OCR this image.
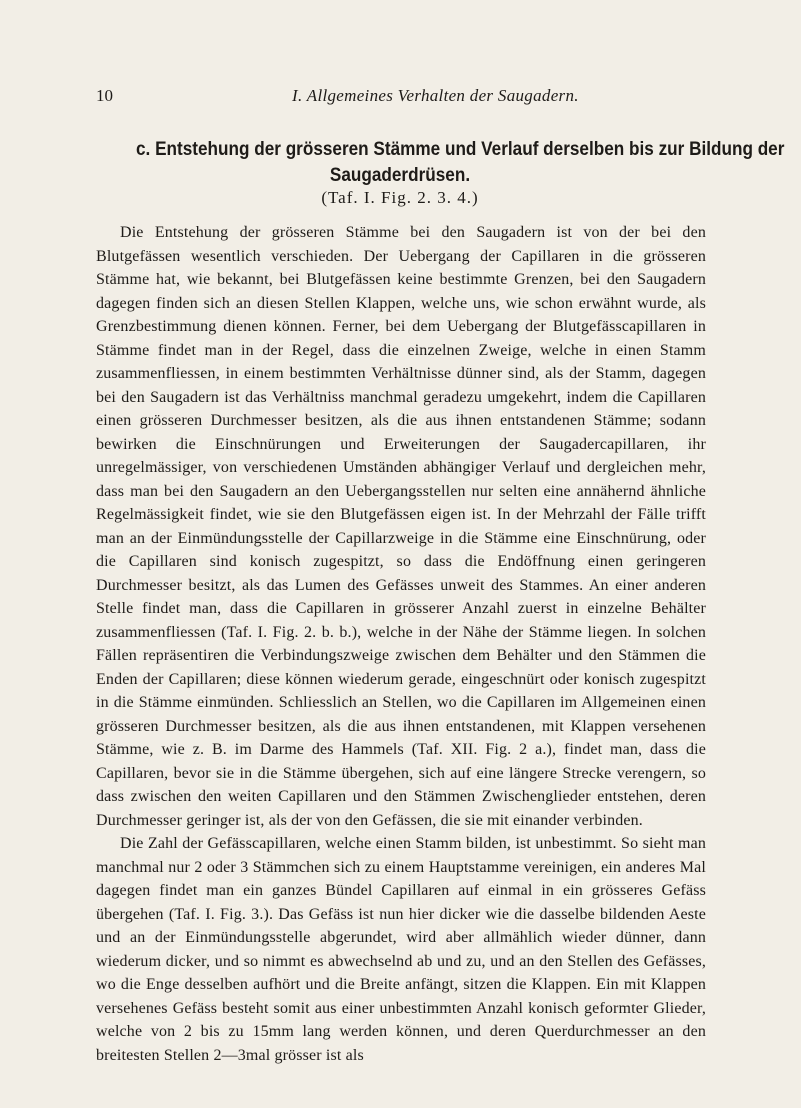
10	I. Allgemeines Verhalten der Saugadern.
c. Entstehung der grösseren Stämme und Verlauf derselben bis zur Bildung der
Saugaderdrüsen.
(Taf. I. Fig. 2. 3. 4.)

Die Entstehung der grösseren Stämme bei den Saugadern ist von der bei den Blutgefässen wesentlich verschieden. Der Uebergang der Capillaren in die grösseren Stämme hat, wie bekannt, bei Blutgefässen keine bestimmte Grenzen, bei den Saugadern dagegen finden sich an diesen Stellen Klappen, welche uns, wie schon erwähnt wurde, als Grenzbestimmung dienen können. Ferner, bei dem Uebergang der Blutgefässcapillaren in Stämme findet man in der Regel, dass die einzelnen Zweige, welche in einen Stamm zusammenfliessen, in einem bestimmten Verhältnisse dünner sind, als der Stamm, dagegen bei den Saugadern ist das Verhältniss manchmal geradezu umgekehrt, indem die Capillaren einen grösseren Durchmesser besitzen, als die aus ihnen entstandenen Stämme; sodann bewirken die Einschnürungen und Erweiterungen der Saugadercapillaren, ihr unregelmässiger, von verschiedenen Umständen abhängiger Verlauf und dergleichen mehr, dass man bei den Saugadern an den Uebergangsstellen nur selten eine annähernd ähnliche Regelmässigkeit findet, wie sie den Blutgefässen eigen ist. In der Mehrzahl der Fälle trifft man an der Einmündungsstelle der Capillarzweige in die Stämme eine Einschnürung, oder die Capillaren sind konisch zugespitzt, so dass die Endöffnung einen geringeren Durchmesser besitzt, als das Lumen des Gefässes unweit des Stammes. An einer anderen Stelle findet man, dass die Capillaren in grösserer Anzahl zuerst in einzelne Behälter zusammenfliessen (Taf. I. Fig. 2. b. b.), welche in der Nähe der Stämme liegen. In solchen Fällen repräsentiren die Verbindungszweige zwischen dem Behälter und den Stämmen die Enden der Capillaren; diese können wiederum gerade, eingeschnürt oder konisch zugespitzt in die Stämme einmünden. Schliesslich an Stellen, wo die Capillaren im Allgemeinen einen grösseren Durchmesser besitzen, als die aus ihnen entstandenen, mit Klappen versehenen Stämme, wie z. B. im Darme des Hammels (Taf. XII. Fig. 2 a.), findet man, dass die Capillaren, bevor sie in die Stämme übergehen, sich auf eine längere Strecke verengern, so dass zwischen den weiten Capillaren und den Stämmen Zwischenglieder entstehen, deren Durchmesser geringer ist, als der von den Gefässen, die sie mit einander verbinden.

Die Zahl der Gefässcapillaren, welche einen Stamm bilden, ist unbestimmt. So sieht man manchmal nur 2 oder 3 Stämmchen sich zu einem Hauptstamme vereinigen, ein anderes Mal dagegen findet man ein ganzes Bündel Capillaren auf einmal in ein grösseres Gefäss übergehen (Taf. I. Fig. 3.). Das Gefäss ist nun hier dicker wie die dasselbe bildenden Aeste und an der Einmündungsstelle abgerundet, wird aber allmählich wieder dünner, dann wiederum dicker, und so nimmt es abwechselnd ab und zu, und an den Stellen des Gefässes, wo die Enge desselben aufhört und die Breite anfängt, sitzen die Klappen. Ein mit Klappen versehenes Gefäss besteht somit aus einer unbestimmten Anzahl konisch geformter Glieder, welche von 2 bis zu 15mm lang werden können, und deren Querdurchmesser an den breitesten Stellen 2—3mal grösser ist als
